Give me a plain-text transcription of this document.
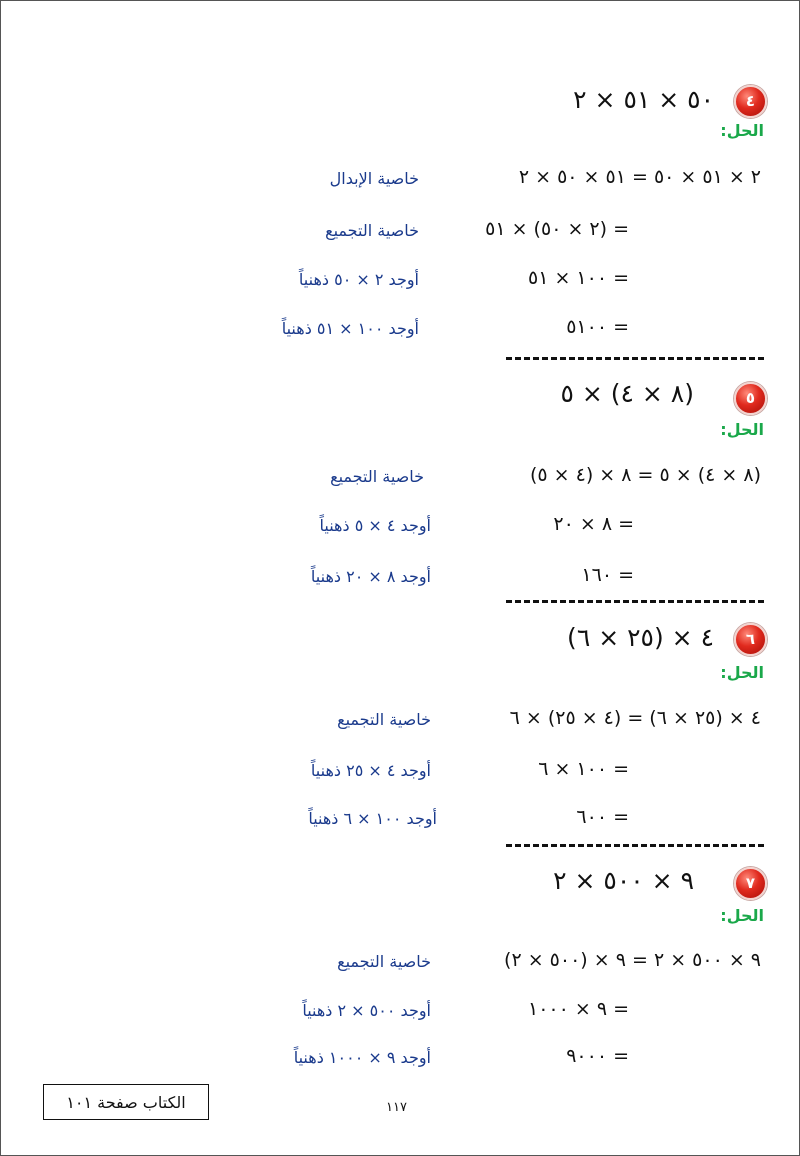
٤
٥٠ × ٥١ × ٢
الحل:
٢ × ٥١ × ٥٠ = ٥١ × ٥٠ × ٢
خاصية الإبدال
= (٢ × ٥٠) × ٥١
خاصية التجميع
= ١٠٠ × ٥١
أوجد ٢ × ٥٠ ذهنياً
= ٥١٠٠
أوجد ١٠٠ × ٥١ ذهنياً
٥
(٨ × ٤) × ٥
الحل:
(٨ × ٤) × ٥ = ٨ × (٤ × ٥)
خاصية التجميع
= ٨ × ٢٠
أوجد ٤ × ٥ ذهنياً
= ١٦٠
أوجد ٨ × ٢٠ ذهنياً
٦
٤ × (٢٥ × ٦)
الحل:
٤ × (٢٥ × ٦) = (٤ × ٢٥) × ٦
خاصية التجميع
= ١٠٠ × ٦
أوجد ٤ × ٢٥ ذهنياً
= ٦٠٠
أوجد ١٠٠ × ٦ ذهنياً
٧
٩ × ٥٠٠ × ٢
الحل:
٩ × ٥٠٠ × ٢ = ٩ × (٥٠٠ × ٢)
خاصية التجميع
= ٩ × ١٠٠٠
أوجد ٥٠٠ × ٢ ذهنياً
= ٩٠٠٠
أوجد ٩ × ١٠٠٠ ذهنياً
الكتاب صفحة ١٠١	١١٧
